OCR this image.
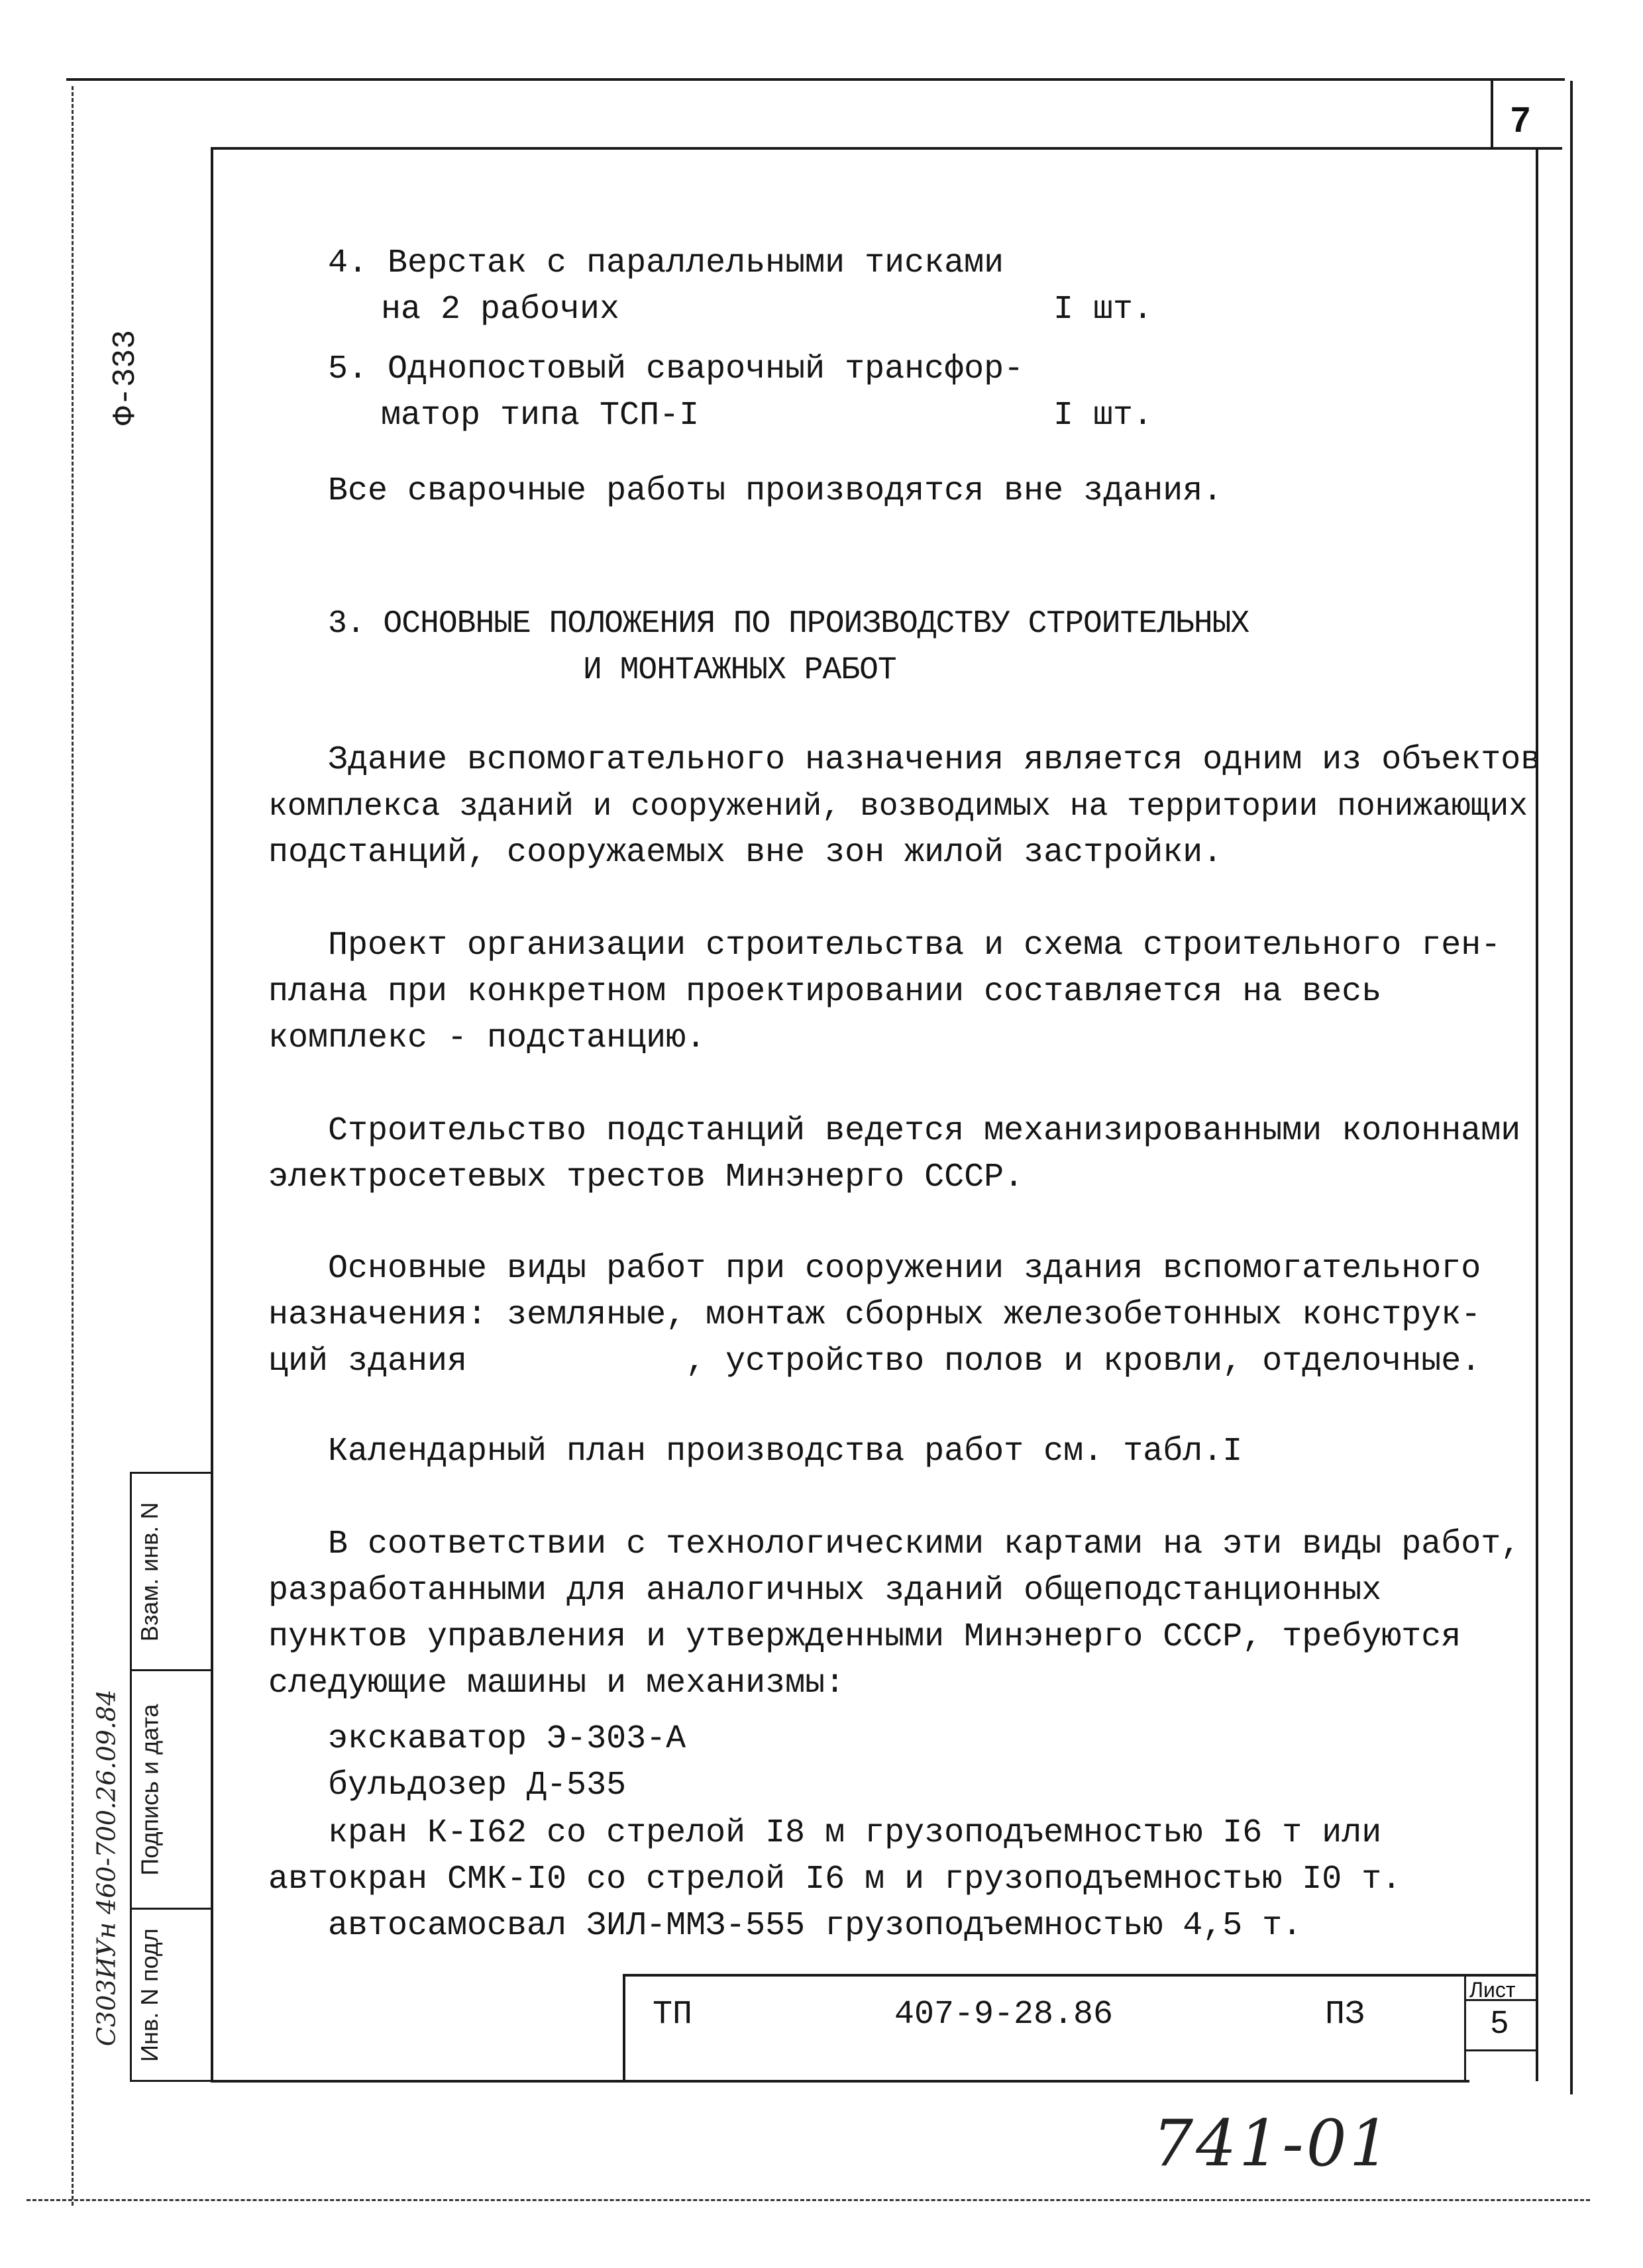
7
Ф-333
Взам. инв. N
Подпись и дата
Инв. N подл
С303ИУн 460-700.26.09.84
4. Верстак с параллельными тисками
на 2 рабочих	I шт.
5. Однопостовый сварочный трансфор-
матор типа ТСП-I	I шт.
Все сварочные работы производятся вне здания.
3. ОСНОВНЫЕ ПОЛОЖЕНИЯ ПО ПРОИЗВОДСТВУ СТРОИТЕЛЬНЫХ
И МОНТАЖНЫХ РАБОТ
Здание вспомогательного назначения является одним из объектов
комплекса зданий и сооружений, возводимых на территории понижающих
подстанций, сооружаемых вне зон жилой застройки.
Проект организации строительства и схема строительного ген-
плана при конкретном проектировании составляется на весь
комплекс - подстанцию.
Строительство подстанций ведется механизированными колоннами
электросетевых трестов Минэнерго СССР.
Основные виды работ при сооружении здания вспомогательного
назначения: земляные, монтаж сборных железобетонных конструк-
ций здания           , устройство полов и кровли, отделочные.
Календарный план производства работ см. табл.I
В соответствии с технологическими картами на эти виды работ,
разработанными для аналогичных зданий общеподстанционных
пунктов управления и утвержденными Минэнерго СССР, требуются
следующие машины и механизмы:
экскаватор Э-303-А
бульдозер Д-535
кран К-I62 со стрелой I8 м грузоподъемностью I6 т или
автокран СМК-I0 со стрелой I6 м и грузоподъемностью I0 т.
автосамосвал ЗИЛ-ММЗ-555 грузоподъемностью 4,5 т.
ТП	407-9-28.86	ПЗ
Лист
5
741-01
